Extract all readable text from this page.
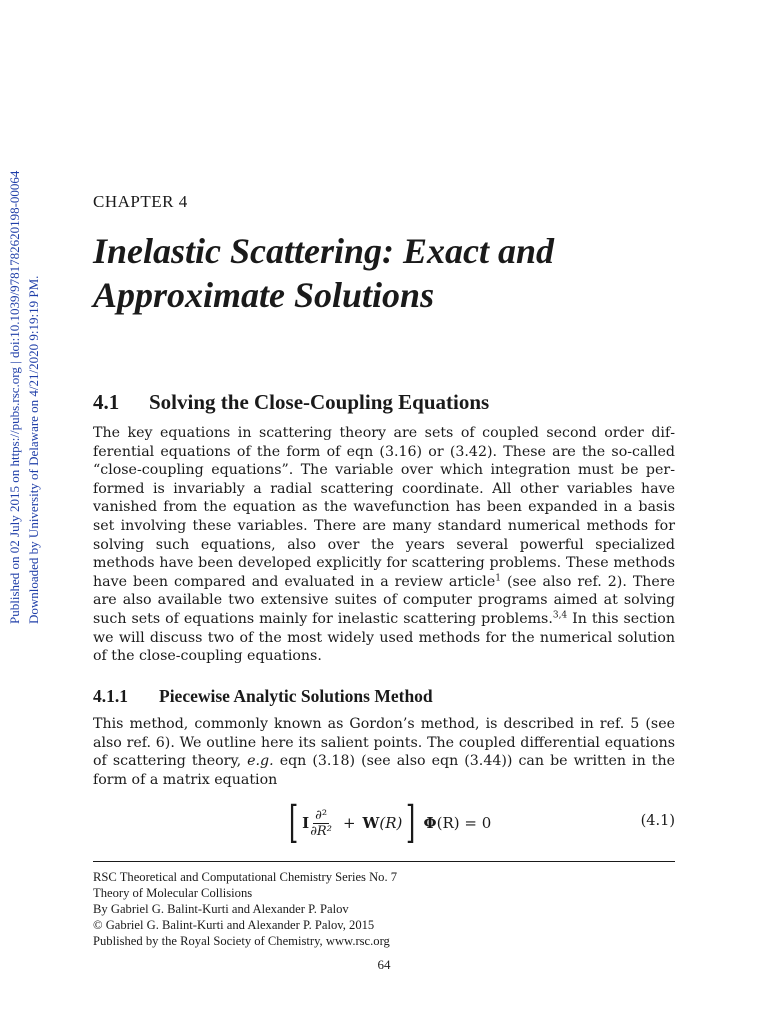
Downloaded by University of Delaware on 4/21/2020 9:19:19 PM.
Published on 02 July 2015 on https://pubs.rsc.org | doi:10.1039/9781782620198-00064	CHAPTER 4
Inelastic Scattering: Exact and
Approximate Solutions
4.1 Solving the Close-Coupling Equations
The key equations in scattering theory are sets of coupled second order differential equations of the form of eqn (3.16) or (3.42). These are the so-called “close-coupling equations”. The variable over which integration must be performed is invariably a radial scattering coordinate. All other variables have vanished from the equation as the wavefunction has been expanded in a basis set involving these variables. There are many standard numerical methods for solving such equations, also over the years several powerful specialized methods have been developed explicitly for scattering problems. These methods have been compared and evaluated in a review article$^1$ (see also ref. 2). There are also available two extensive suites of computer programs aimed at solving such sets of equations mainly for inelastic scattering problems.$^{3,4}$ In this section we will discuss two of the most widely used methods for the numerical solution of the close-coupling equations.
4.1.1 Piecewise Analytic Solutions Method
This method, commonly known as Gordon’s method, is described in ref. 5 (see also ref. 6). We outline here its salient points. The coupled differential equations of scattering theory, e.g. eqn (3.18) (see also eqn (3.44)) can be written in the form of a matrix equation
[ I $\frac{\text{∂²}}{\text{∂R²}} + W$ (R) ] Φ (R) = 0	(4.1)
RSC Theoretical and Computational Chemistry Series No. 7
Theory of Molecular Collisions
By Gabriel G. Balint-Kurti and Alexander P. Palov
© Gabriel G. Balint-Kurti and Alexander P. Palov, 2015
Published by the Royal Society of Chemistry, www.rsc.org
64
